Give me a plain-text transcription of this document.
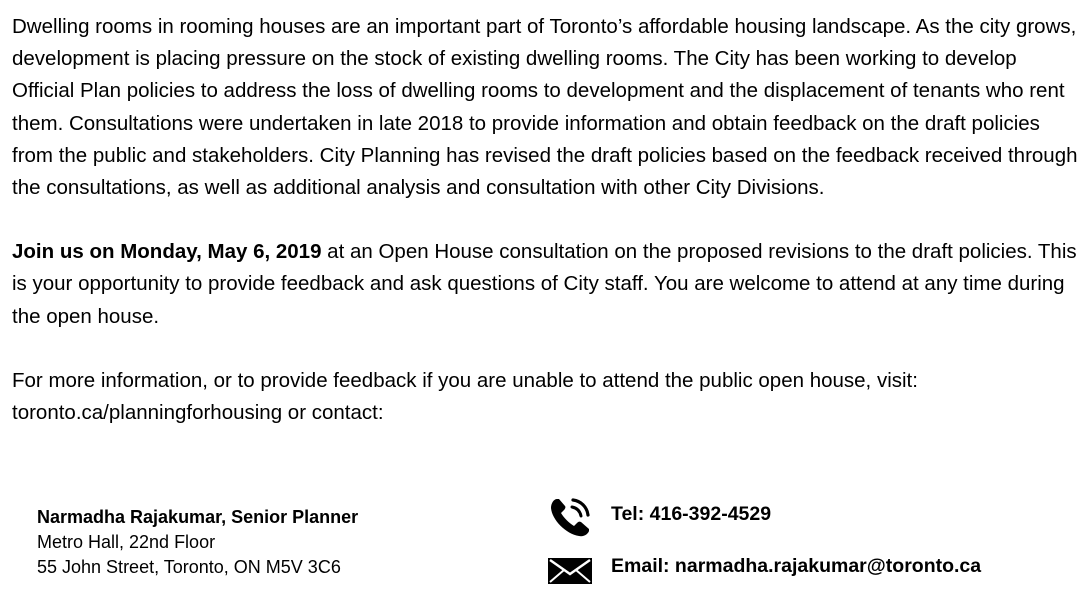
Dwelling rooms in rooming houses are an important part of Toronto’s affordable housing landscape. As the city grows, development is placing pressure on the stock of existing dwelling rooms. The City has been working to develop Official Plan policies to address the loss of dwelling rooms to development and the displacement of tenants who rent them. Consultations were undertaken in late 2018 to provide information and obtain feedback on the draft policies from the public and stakeholders. City Planning has revised the draft policies based on the feedback received through the consultations, as well as additional analysis and consultation with other City Divisions.

Join us on Monday, May 6, 2019 at an Open House consultation on the proposed revisions to the draft policies. This is your opportunity to provide feedback and ask questions of City staff. You are welcome to attend at any time during the open house.

For more information, or to provide feedback if you are unable to attend the public open house, visit: toronto.ca/planningforhousing or contact:

Narmadha Rajakumar, Senior Planner
Metro Hall, 22nd Floor
55 John Street, Toronto, ON M5V 3C6
Tel: 416-392-4529
Email: narmadha.rajakumar@toronto.ca
